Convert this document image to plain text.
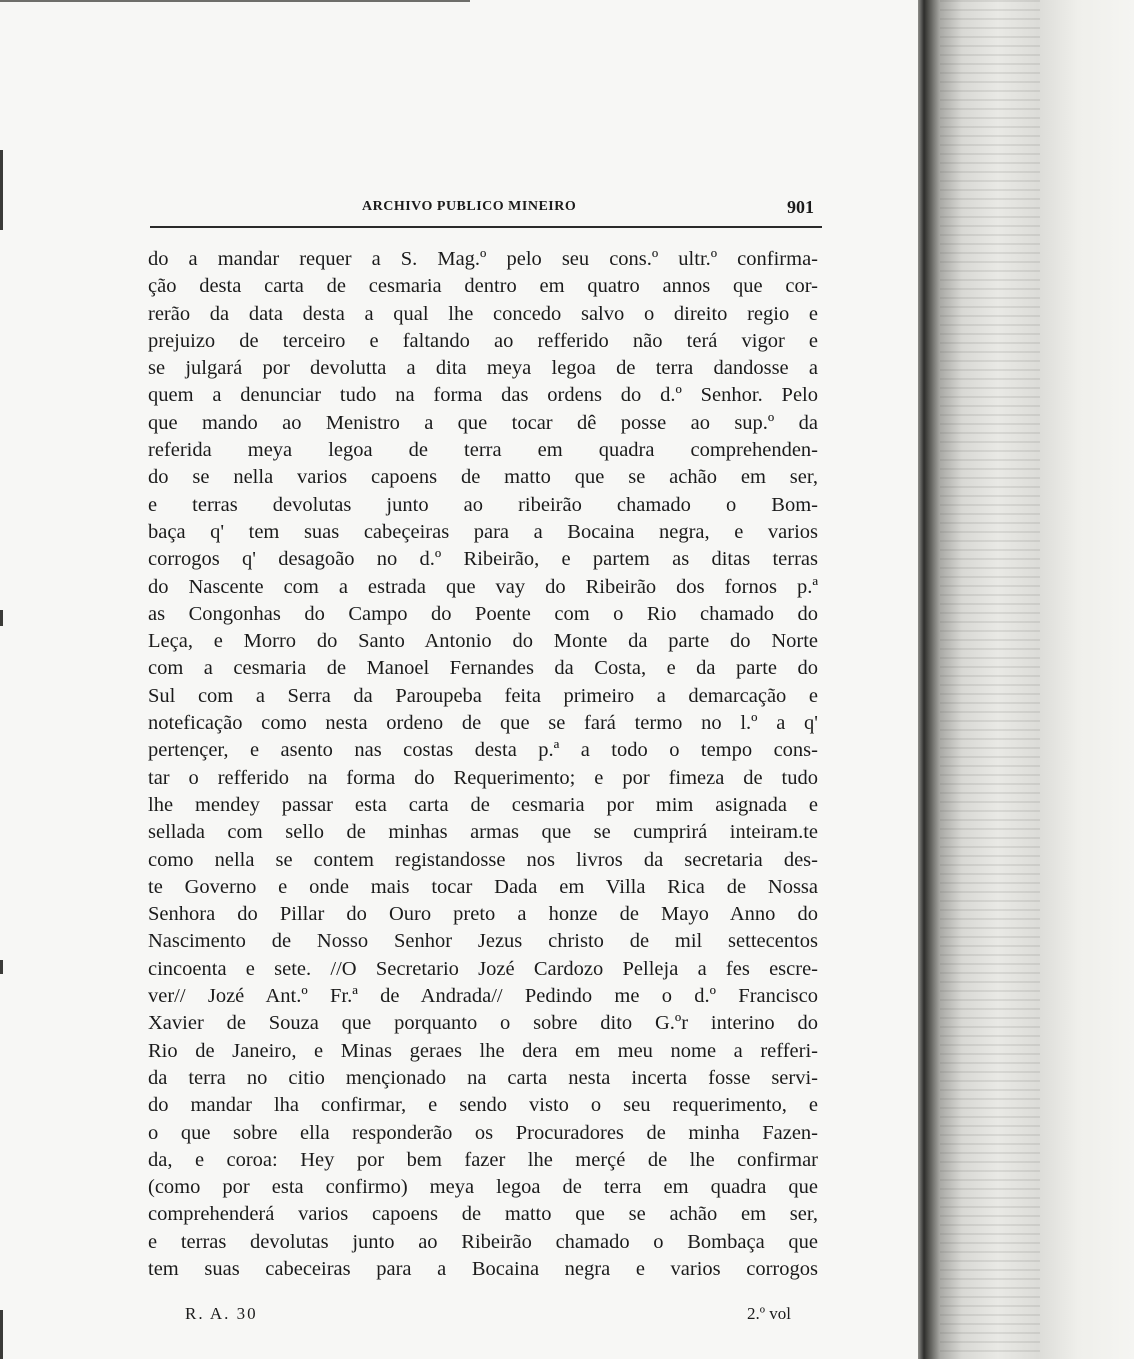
ARCHIVO PUBLICO MINEIRO	901
do a mandar requer a S. Mag.º pelo seu cons.º ultr.º confirma-
ção desta carta de cesmaria dentro em quatro annos que cor-
rerão da data desta a qual lhe concedo salvo o direito regio e
prejuizo de terceiro e faltando ao refferido não terá vigor e
se julgará por devolutta a dita meya legoa de terra dandosse a
quem a denunciar tudo na forma das ordens do d.º Senhor. Pelo
que mando ao Menistro a que tocar dê posse ao sup.º da
referida meya legoa de terra em quadra comprehenden-
do se nella varios capoens de matto que se achão em ser,
e terras devolutas junto ao ribeirão chamado o Bom-
baça q' tem suas cabeçeiras para a Bocaina negra, e varios
corrogos q' desagoão no d.º Ribeirão, e partem as ditas terras
do Nascente com a estrada que vay do Ribeirão dos fornos p.ª
as Congonhas do Campo do Poente com o Rio chamado do
Leça, e Morro do Santo Antonio do Monte da parte do Norte
com a cesmaria de Manoel Fernandes da Costa, e da parte do
Sul com a Serra da Paroupeba feita primeiro a demarcação e
noteficação como nesta ordeno de que se fará termo no l.º a q'
pertençer, e asento nas costas desta p.ª a todo o tempo cons-
tar o refferido na forma do Requerimento; e por fimeza de tudo
lhe mendey passar esta carta de cesmaria por mim asignada e
sellada com sello de minhas armas que se cumprirá inteiram.te
como nella se contem registandosse nos livros da secretaria des-
te Governo e onde mais tocar Dada em Villa Rica de Nossa
Senhora do Pillar do Ouro preto a honze de Mayo Anno do
Nascimento de Nosso Senhor Jezus christo de mil settecentos
cincoenta e sete. //O Secretario Jozé Cardozo Pelleja a fes escre-
ver// Jozé Ant.º Fr.ª de Andrada// Pedindo me o d.º Francisco
Xavier de Souza que porquanto o sobre dito G.ºr interino do
Rio de Janeiro, e Minas geraes lhe dera em meu nome a refferi-
da terra no citio mençionado na carta nesta incerta fosse servi-
do mandar lha confirmar, e sendo visto o seu requerimento, e
o que sobre ella responderão os Procuradores de minha Fazen-
da, e coroa: Hey por bem fazer lhe merçé de lhe confirmar
(como por esta confirmo) meya legoa de terra em quadra que
comprehenderá varios capoens de matto que se achão em ser,
e terras devolutas junto ao Ribeirão chamado o Bombaça que
tem suas cabeceiras para a Bocaina negra e varios corrogos
R. A. 30	2.º vol
